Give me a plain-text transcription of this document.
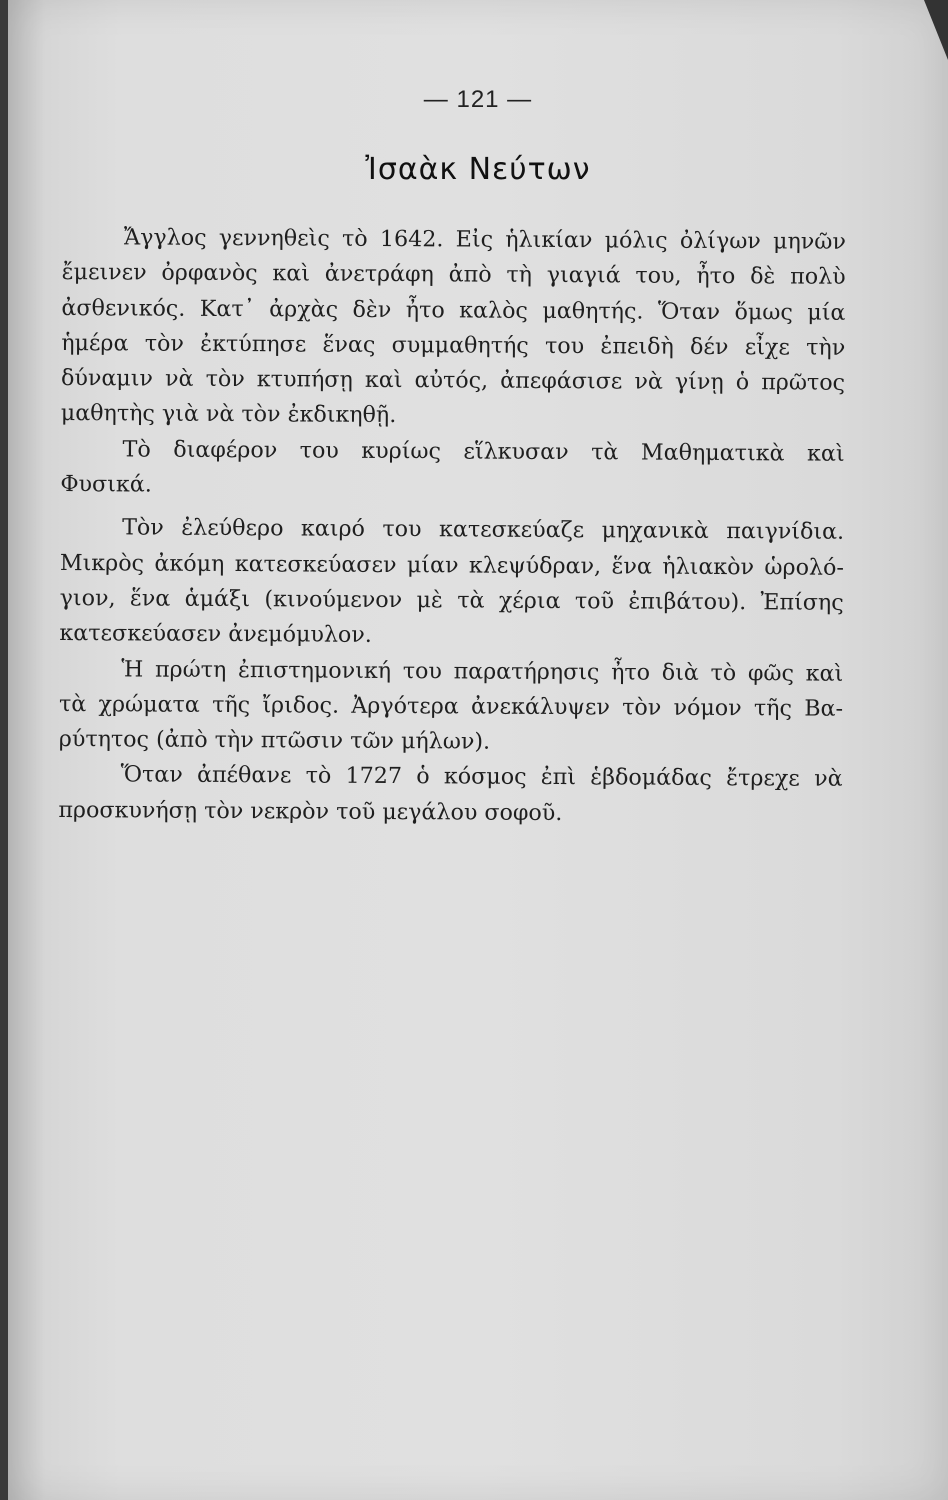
— 121 —
Ἰσαὰκ Νεύτων
Ἄγγλος γεννηθεὶς τὸ 1642. Εἰς ἡλικίαν μόλις ὀλίγων μηνῶν
ἔμεινεν ὀρφανὸς καὶ ἀνετράφη ἀπὸ τὴ γιαγιά του, ἦτο δὲ πολὺ
ἀσθενικός. Κατ᾽ ἀρχὰς δὲν ἦτο καλὸς μαθητής. Ὅταν ὅμως μία
ἡμέρα τὸν ἐκτύπησε ἕνας συμμαθητής του ἐπειδὴ δέν εἶχε τὴν
δύναμιν νὰ τὸν κτυπήσῃ καὶ αὐτός, ἀπεφάσισε νὰ γίνῃ ὁ πρῶτος
μαθητὴς γιὰ νὰ τὸν ἐκδικηθῇ.
Τὸ διαφέρον του κυρίως εἵλκυσαν τὰ Μαθηματικὰ καὶ
Φυσικά.
Τὸν ἐλεύθερο καιρό του κατεσκεύαζε μηχανικὰ παιγνίδια.
Μικρὸς ἀκόμη κατεσκεύασεν μίαν κλεψύδραν, ἕνα ἡλιακὸν ὡρολό-
γιον, ἕνα ἁμάξι (κινούμενον μὲ τὰ χέρια τοῦ ἐπιβάτου). Ἐπίσης
κατεσκεύασεν ἀνεμόμυλον.
Ἡ πρώτη ἐπιστημονική του παρατήρησις ἦτο διὰ τὸ φῶς καὶ
τὰ χρώματα τῆς ἴριδος. Ἀργότερα ἀνεκάλυψεν τὸν νόμον τῆς Βα-
ρύτητος (ἀπὸ τὴν πτῶσιν τῶν μήλων).
Ὅταν ἀπέθανε τὸ 1727 ὁ κόσμος ἐπὶ ἑβδομάδας ἔτρεχε νὰ
προσκυνήσῃ τὸν νεκρὸν τοῦ μεγάλου σοφοῦ.
